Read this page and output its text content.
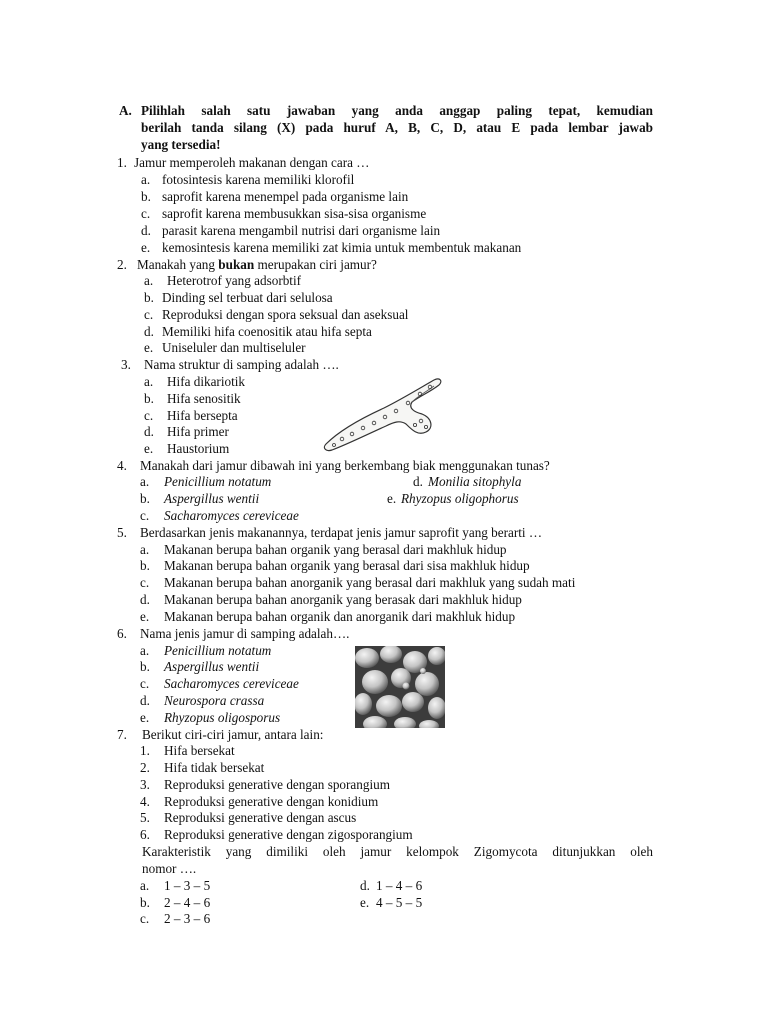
A. Pilihlah salah satu jawaban yang anda anggap paling tepat, kemudian
berilah tanda silang (X) pada huruf A, B, C, D, atau E pada lembar jawab
yang tersedia!
1. Jamur memperoleh makanan dengan cara …
a. fotosintesis karena memiliki klorofil
b. saprofit karena menempel pada organisme lain
c. saprofit karena membusukkan sisa-sisa organisme
d. parasit karena mengambil nutrisi dari organisme lain
e. kemosintesis karena memiliki zat kimia untuk membentuk makanan
2. Manakah yang bukan merupakan ciri jamur?
a. Heterotrof yang adsorbtif
b. Dinding sel terbuat dari selulosa
c. Reproduksi dengan spora seksual dan aseksual
d. Memiliki hifa coenositik atau hifa septa
e. Uniseluler dan multiseluler
3. Nama struktur di samping adalah ….
a. Hifa dikariotik
b. Hifa senositik
c. Hifa bersepta
d. Hifa primer
e. Haustorium
4. Manakah dari jamur dibawah ini yang berkembang biak menggunakan tunas?
a. Penicillium notatum	d. Monilia sitophyla
b. Aspergillus wentii	e. Rhyzopus oligophorus
c. Sacharomyces cereviceae
5. Berdasarkan jenis makanannya, terdapat jenis jamur saprofit yang berarti …
a. Makanan berupa bahan organik yang berasal dari makhluk hidup
b. Makanan berupa bahan organik yang berasal dari sisa makhluk hidup
c. Makanan berupa bahan anorganik yang berasal dari makhluk yang sudah mati
d. Makanan berupa bahan anorganik yang berasak dari makhluk hidup
e. Makanan berupa bahan organik dan anorganik dari makhluk hidup
6. Nama jenis jamur di samping adalah….
a. Penicillium notatum
b. Aspergillus wentii
c. Sacharomyces cereviceae
d. Neurospora crassa
e. Rhyzopus oligosporus
7. Berikut ciri-ciri jamur, antara lain:
1. Hifa bersekat
2. Hifa tidak bersekat
3. Reproduksi generative dengan sporangium
4. Reproduksi generative dengan konidium
5. Reproduksi generative dengan ascus
6. Reproduksi generative dengan zigosporangium
Karakteristik yang dimiliki oleh jamur kelompok Zigomycota ditunjukkan oleh
nomor ….
a. 1 – 3 – 5	d. 1 – 4 – 6
b. 2 – 4 – 6	e. 4 – 5 – 5
c. 2 – 3 – 6
